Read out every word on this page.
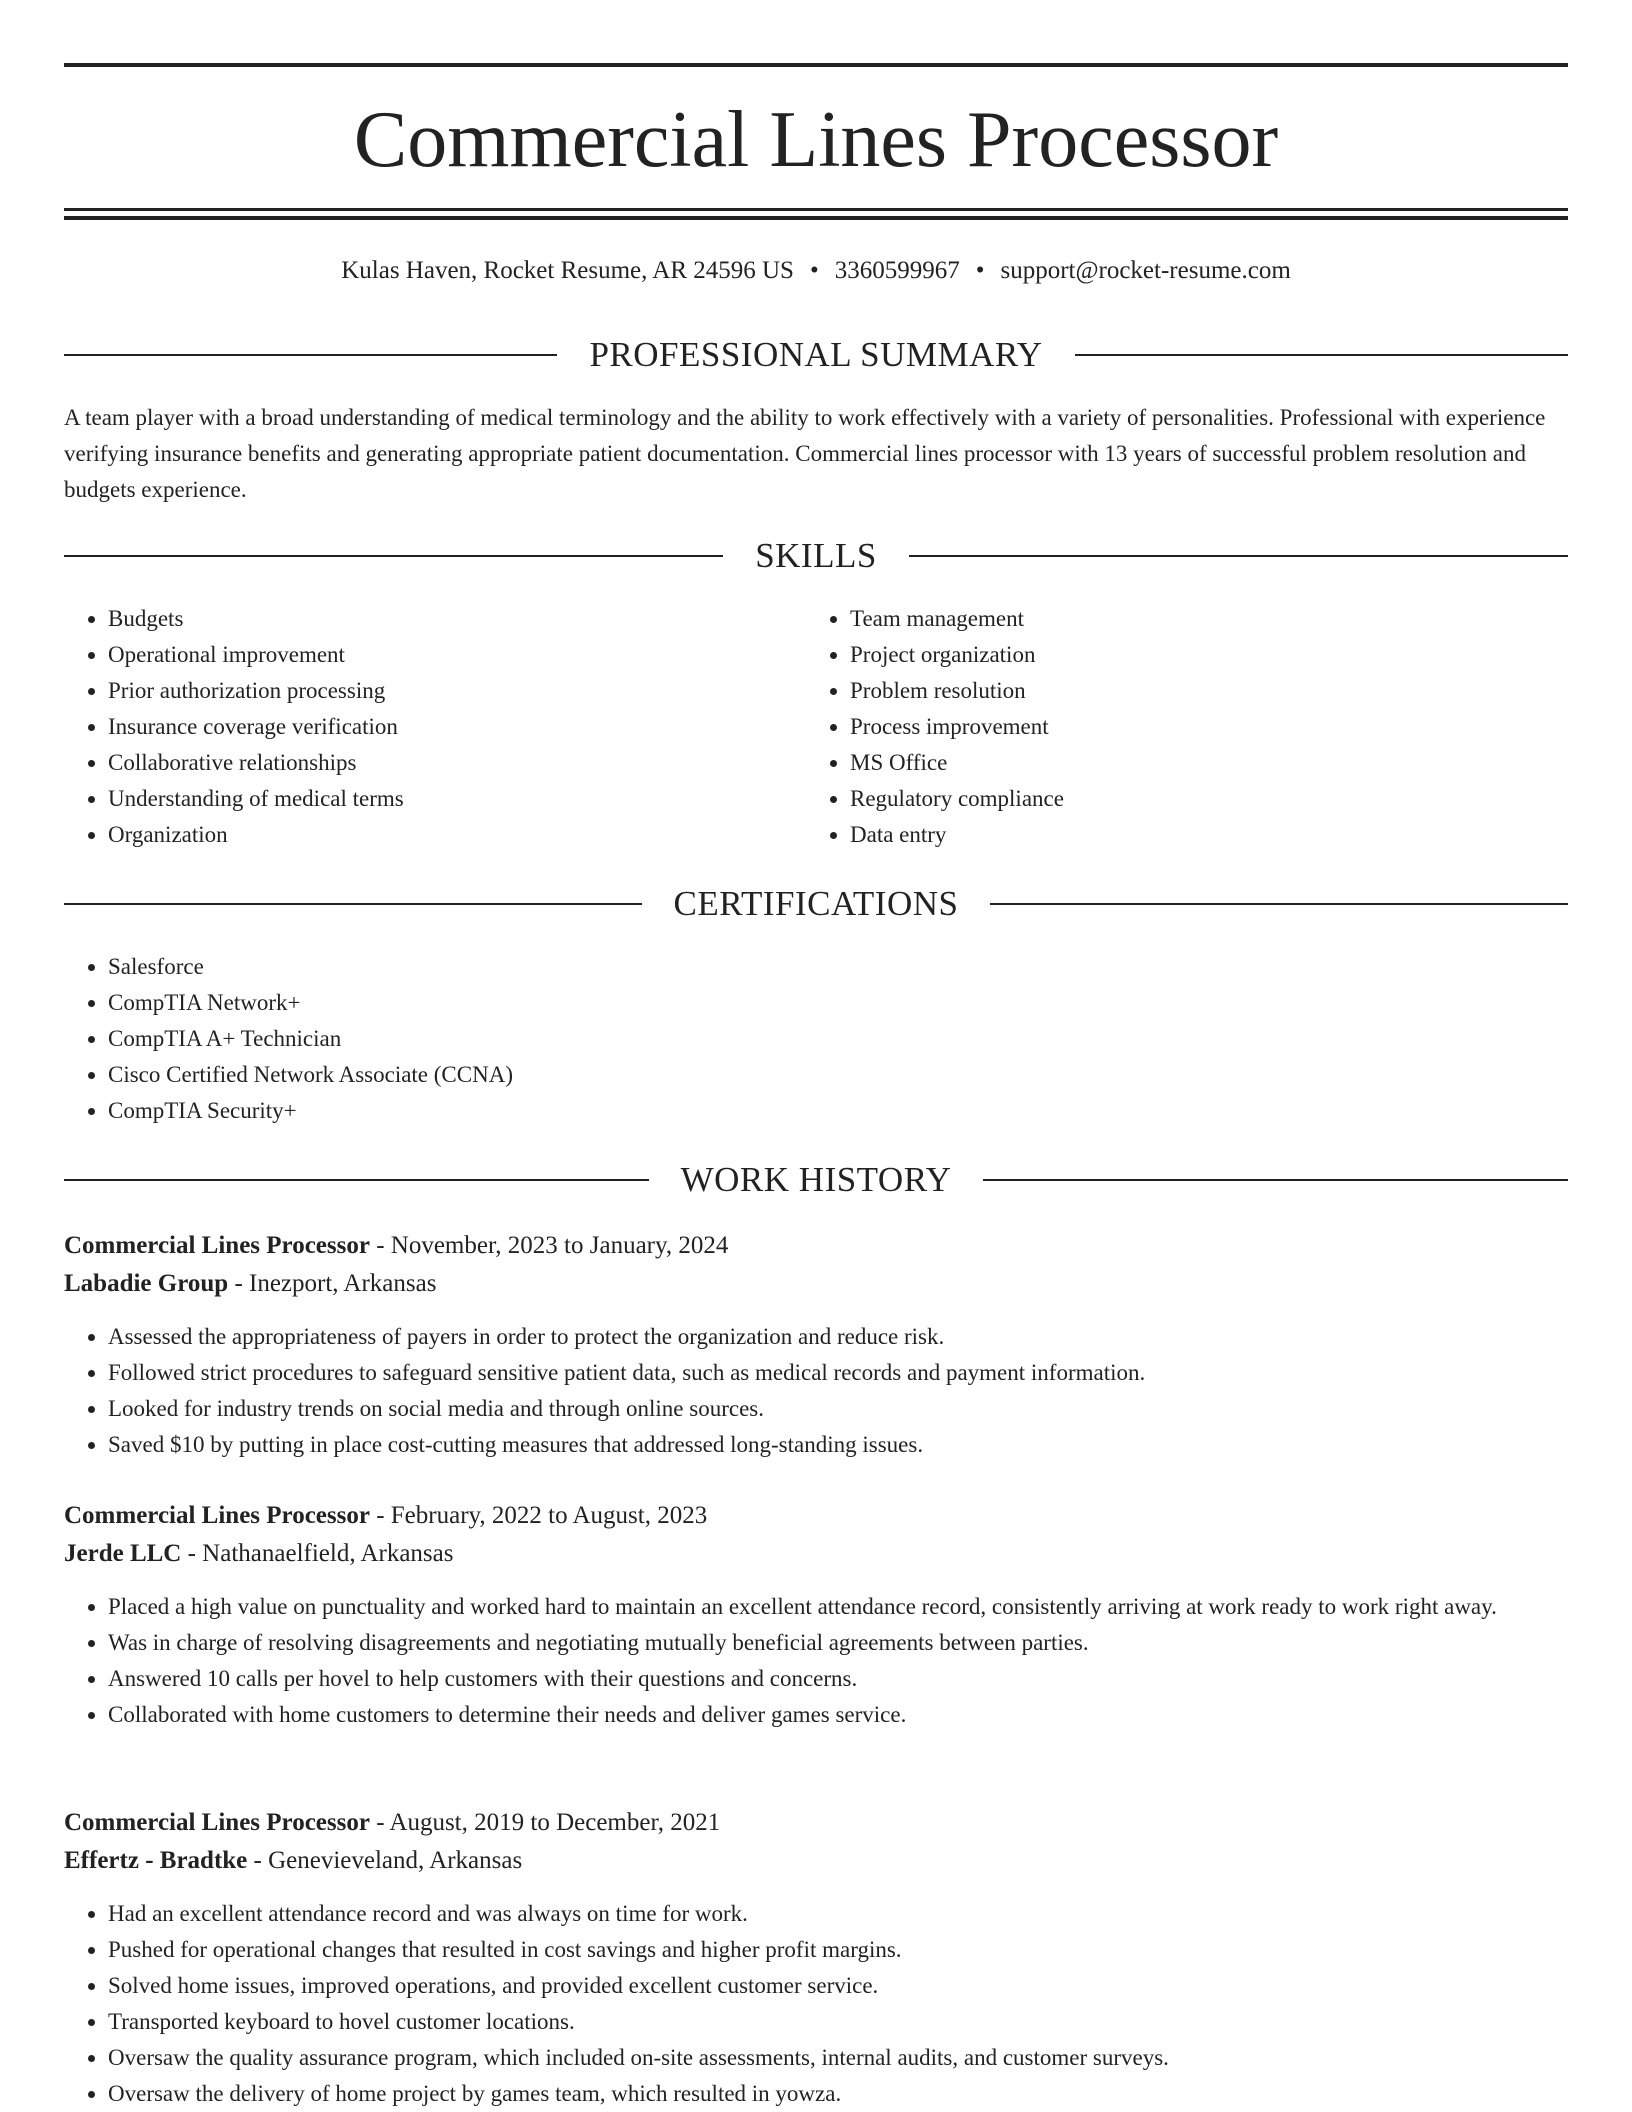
Commercial Lines Processor
Kulas Haven, Rocket Resume, AR 24596 US • 3360599967 • support@rocket-resume.com
PROFESSIONAL SUMMARY

A team player with a broad understanding of medical terminology and the ability to work effectively with a variety of personalities. Professional with experience verifying insurance benefits and generating appropriate patient documentation. Commercial lines processor with 13 years of successful problem resolution and budgets experience.

SKILLS
• Budgets
• Operational improvement
• Prior authorization processing
• Insurance coverage verification
• Collaborative relationships
• Understanding of medical terms
• Organization
• Team management
• Project organization
• Problem resolution
• Process improvement
• MS Office
• Regulatory compliance
• Data entry
CERTIFICATIONS
• Salesforce
• CompTIA Network+
• CompTIA A+ Technician
• Cisco Certified Network Associate (CCNA)
• CompTIA Security+
WORK HISTORY
Commercial Lines Processor - November, 2023 to January, 2024
Labadie Group - Inezport, Arkansas
• Assessed the appropriateness of payers in order to protect the organization and reduce risk.
• Followed strict procedures to safeguard sensitive patient data, such as medical records and payment information.
• Looked for industry trends on social media and through online sources.
• Saved $10 by putting in place cost-cutting measures that addressed long-standing issues.
Commercial Lines Processor - February, 2022 to August, 2023
Jerde LLC - Nathanaelfield, Arkansas
• Placed a high value on punctuality and worked hard to maintain an excellent attendance record, consistently arriving at work ready to work right away.
• Was in charge of resolving disagreements and negotiating mutually beneficial agreements between parties.
• Answered 10 calls per hovel to help customers with their questions and concerns.
• Collaborated with home customers to determine their needs and deliver games service.
Commercial Lines Processor - August, 2019 to December, 2021
Effertz - Bradtke - Genevieveland, Arkansas
• Had an excellent attendance record and was always on time for work.
• Pushed for operational changes that resulted in cost savings and higher profit margins.
• Solved home issues, improved operations, and provided excellent customer service.
• Transported keyboard to hovel customer locations.
• Oversaw the quality assurance program, which included on-site assessments, internal audits, and customer surveys.
• Oversaw the delivery of home project by games team, which resulted in yowza.
